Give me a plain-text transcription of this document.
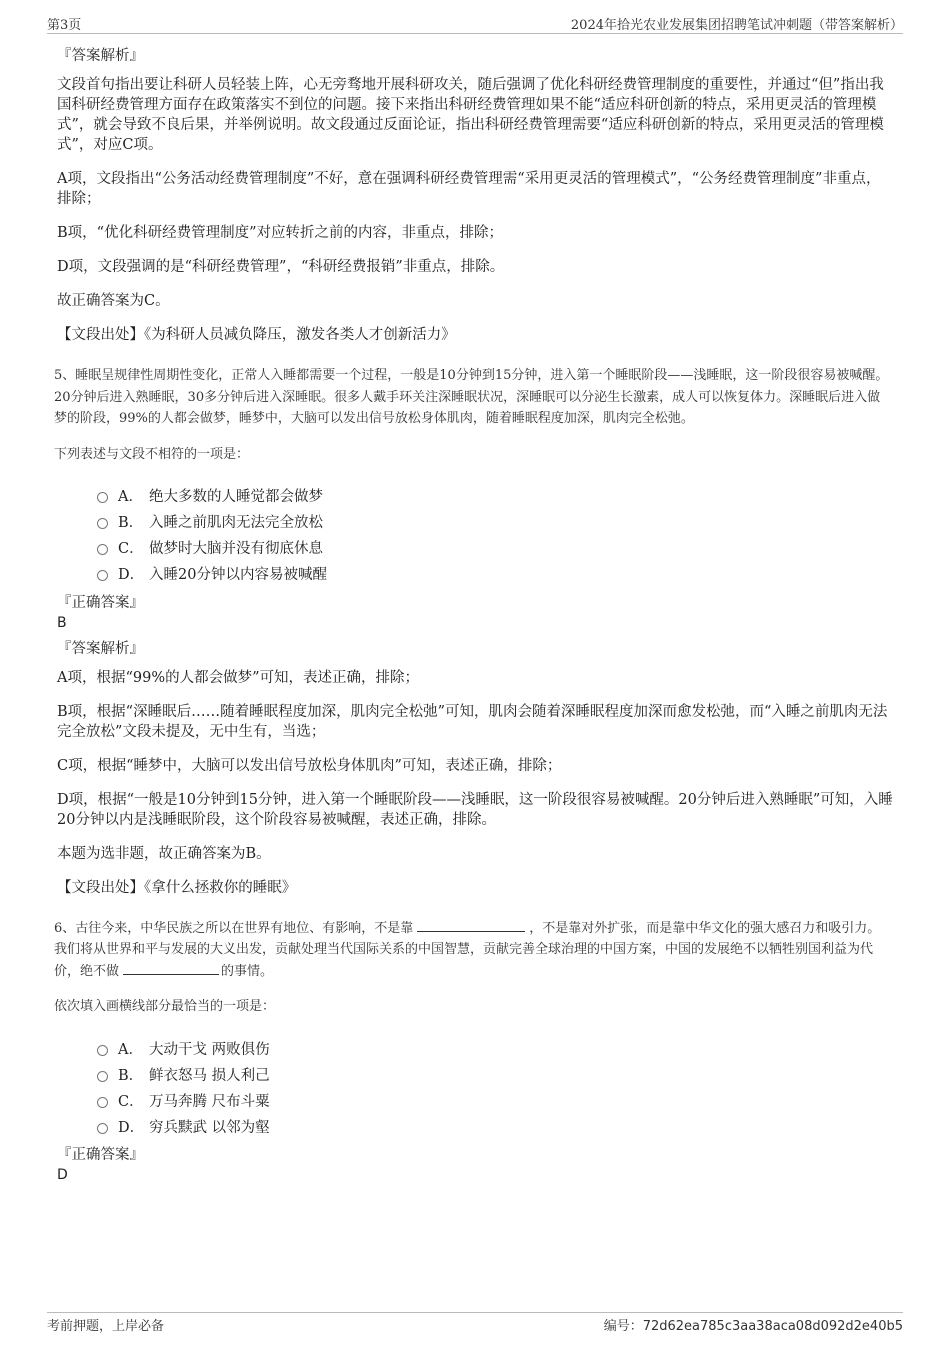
第3页	2024年拾光农业发展集团招聘笔试冲刺题（带答案解析）
『答案解析』
文段首句指出要让科研人员轻装上阵，心无旁骛地开展科研攻关，随后强调了优化科研经费管理制度的重要性，并通过“但”指出我国科研经费管理方面存在政策落实不到位的问题。接下来指出科研经费管理如果不能“适应科研创新的特点，采用更灵活的管理模式”，就会导致不良后果，并举例说明。故文段通过反面论证，指出科研经费管理需要“适应科研创新的特点，采用更灵活的管理模式”，对应C项。
A项，文段指出“公务活动经费管理制度”不好，意在强调科研经费管理需“采用更灵活的管理模式”，“公务经费管理制度”非重点，排除；
B项，“优化科研经费管理制度”对应转折之前的内容，非重点，排除；
D项，文段强调的是“科研经费管理”，“科研经费报销”非重点，排除。
故正确答案为C。
【文段出处】《为科研人员减负降压，激发各类人才创新活力》
5、睡眠呈规律性周期性变化，正常人入睡都需要一个过程，一般是10分钟到15分钟，进入第一个睡眠阶段——浅睡眠，这一阶段很容易被喊醒。20分钟后进入熟睡眠，30多分钟后进入深睡眠。很多人戴手环关注深睡眠状况，深睡眠可以分泌生长激素，成人可以恢复体力。深睡眠后进入做梦的阶段，99%的人都会做梦，睡梦中，大脑可以发出信号放松身体肌肉，随着睡眠程度加深，肌肉完全松弛。
下列表述与文段不相符的一项是：
A． 绝大多数的人睡觉都会做梦
B． 入睡之前肌肉无法完全放松
C． 做梦时大脑并没有彻底休息
D． 入睡20分钟以内容易被喊醒
『正确答案』
B
『答案解析』
A项，根据“99%的人都会做梦”可知，表述正确，排除；
B项，根据“深睡眠后……随着睡眠程度加深，肌肉完全松弛”可知，肌肉会随着深睡眠程度加深而愈发松弛，而“入睡之前肌肉无法完全放松”文段未提及，无中生有，当选；
C项，根据“睡梦中，大脑可以发出信号放松身体肌肉”可知，表述正确，排除；
D项，根据“一般是10分钟到15分钟，进入第一个睡眠阶段——浅睡眠，这一阶段很容易被喊醒。20分钟后进入熟睡眠”可知，入睡20分钟以内是浅睡眠阶段，这个阶段容易被喊醒，表述正确，排除。
本题为选非题，故正确答案为B。
【文段出处】《拿什么拯救你的睡眠》
6、古往今来，中华民族之所以在世界有地位、有影响，不是靠	，不是靠对外扩张，而是靠中华文化的强大感召力和吸引力。我们将从世界和平与发展的大义出发，贡献处理当代国际关系的中国智慧，贡献完善全球治理的中国方案，中国的发展绝不以牺牲别国利益为代价，绝不做	的事情。
依次填入画横线部分最恰当的一项是：
A． 大动干戈 两败俱伤
B． 鲜衣怒马 损人利己
C． 万马奔腾 尺布斗粟
D． 穷兵黩武 以邻为壑
『正确答案』
D
考前押题，上岸必备	编号：72d62ea785c3aa38aca08d092d2e40b5
